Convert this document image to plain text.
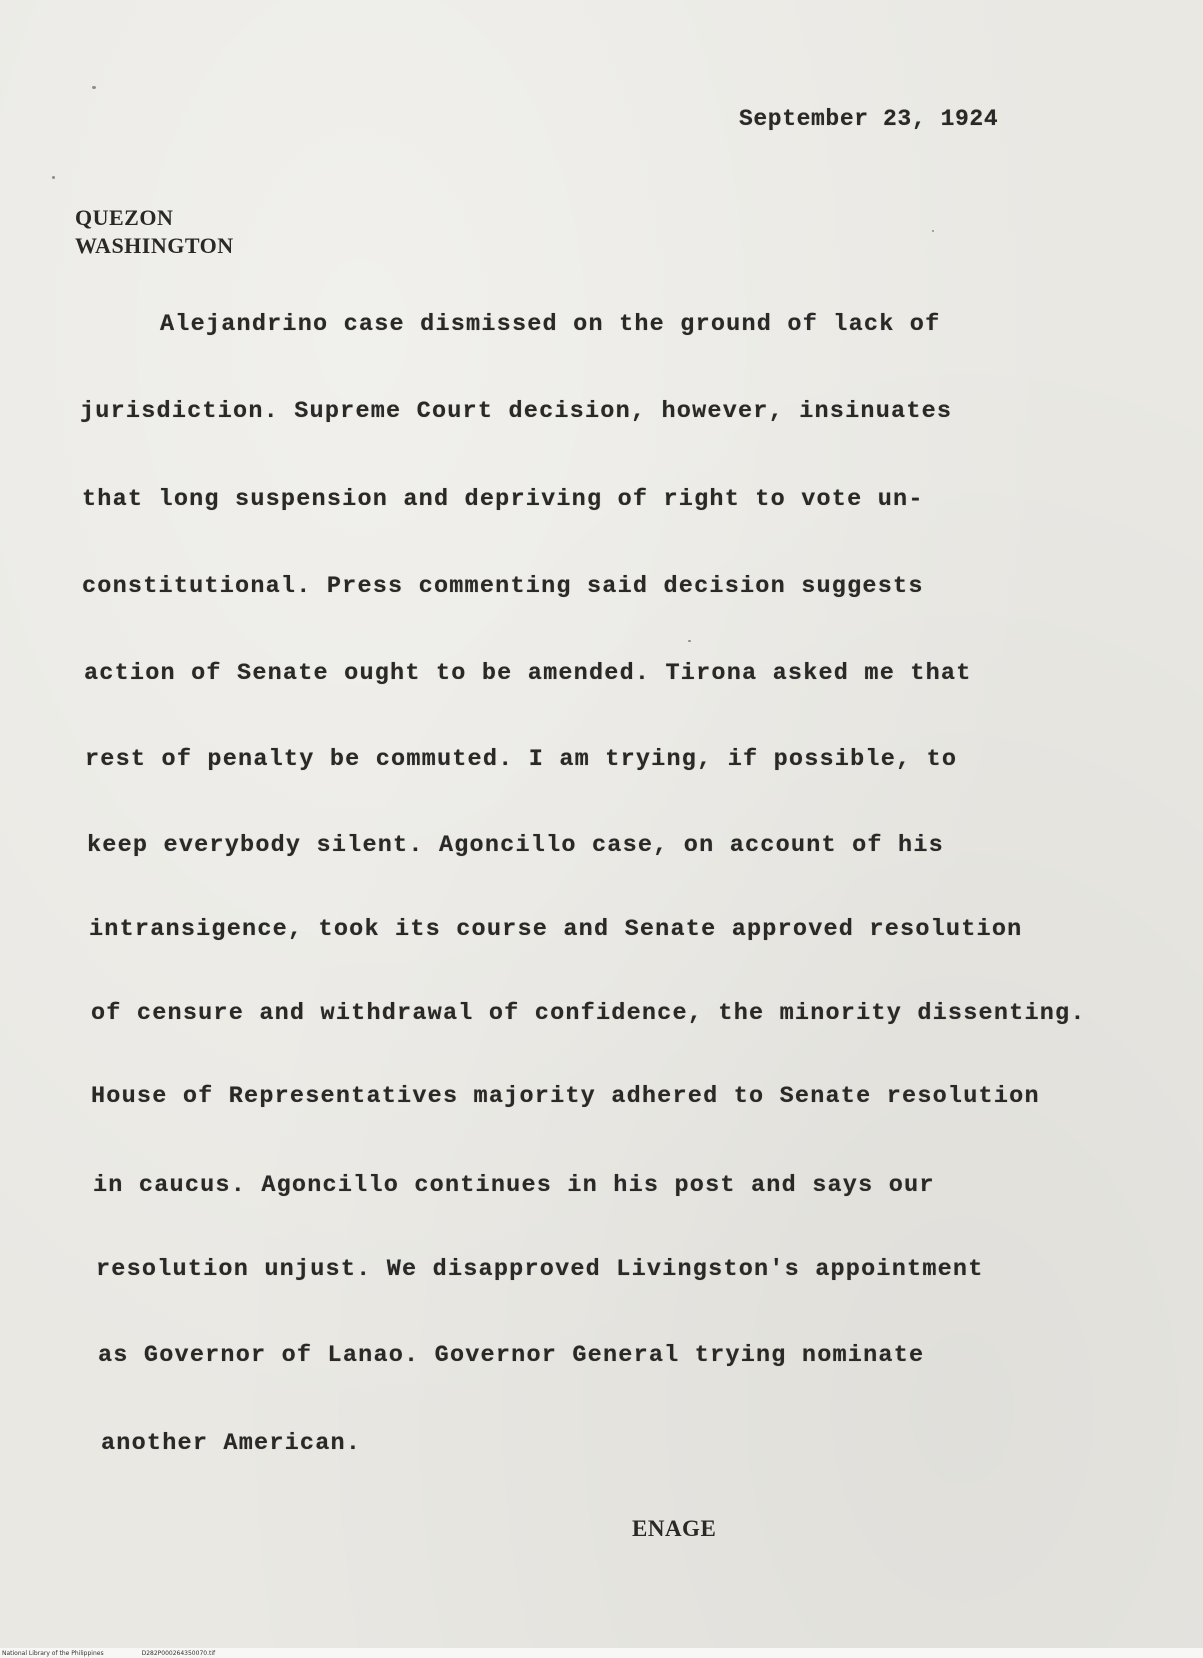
September 23, 1924
QUEZON
WASHINGTON
Alejandrino case dismissed on the ground of lack of
jurisdiction. Supreme Court decision, however, insinuates
that long suspension and depriving of right to vote un-
constitutional. Press commenting said decision suggests
action of Senate ought to be amended. Tirona asked me that
rest of penalty be commuted. I am trying, if possible, to
keep everybody silent. Agoncillo case, on account of his
intransigence, took its course and Senate approved resolution
of censure and withdrawal of confidence, the minority dissenting.
House of Representatives majority adhered to Senate resolution
in caucus. Agoncillo continues in his post and says our
resolution unjust. We disapproved Livingston's appointment
as Governor of Lanao. Governor General trying nominate
another American.
ENAGE
National Library of the Philippines	D282P000264350070.tif
